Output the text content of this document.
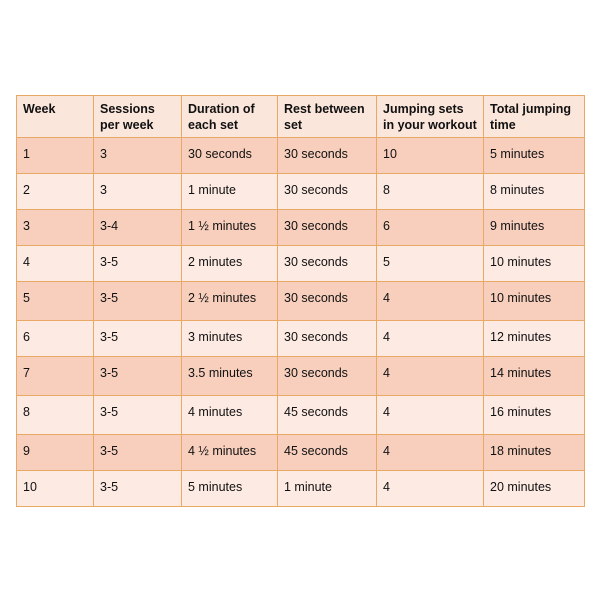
Week	Sessions per week	Duration of each set	Rest between set	Jumping sets in your workout	Total jumping time
1	3	30 seconds	30 seconds	10	5 minutes
2	3	1 minute	30 seconds	8	8 minutes
3	3-4	1 ½ minutes	30 seconds	6	9 minutes
4	3-5	2 minutes	30 seconds	5	10 minutes
5	3-5	2 ½ minutes	30 seconds	4	10 minutes
6	3-5	3 minutes	30 seconds	4	12 minutes
7	3-5	3.5 minutes	30 seconds	4	14 minutes
8	3-5	4 minutes	45 seconds	4	16 minutes
9	3-5	4 ½ minutes	45 seconds	4	18 minutes
10	3-5	5 minutes	1 minute	4	20 minutes
